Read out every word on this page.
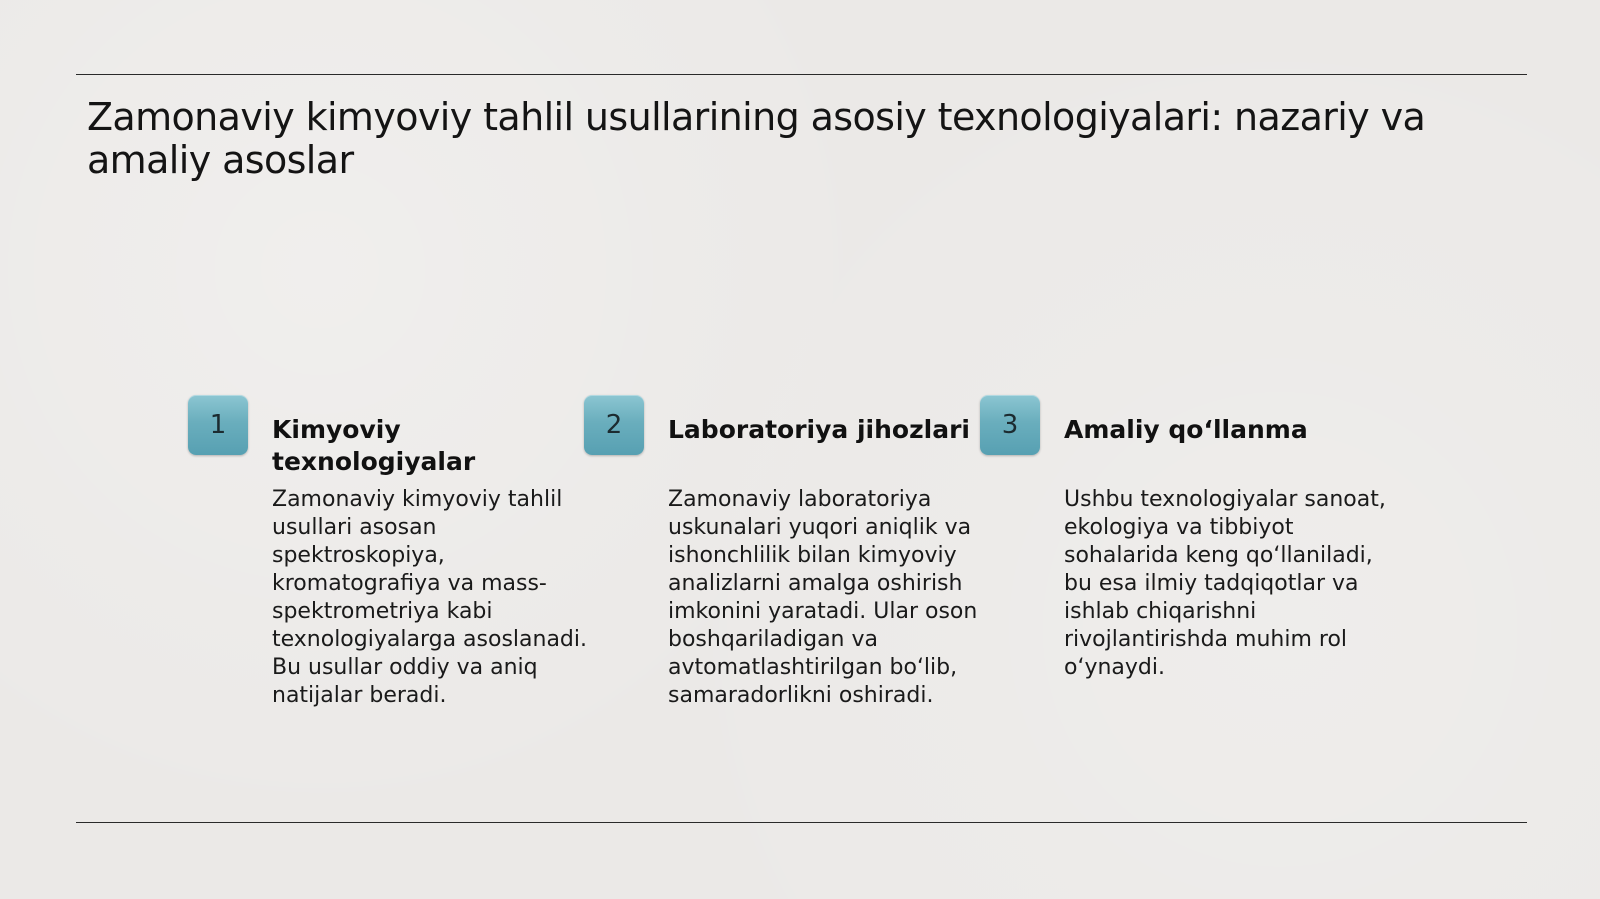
Zamonaviy kimyoviy tahlil usullarining asosiy texnologiyalari: nazariy va amaliy asoslar
1	Kimyoviy texnologiyalar

Zamonaviy kimyoviy tahlil usullari asosan spektroskopiya, kromatografiya va mass-spektrometriya kabi texnologiyalarga asoslanadi. Bu usullar oddiy va aniq natijalar beradi.

2	Laboratoriya jihozlari

Zamonaviy laboratoriya uskunalari yuqori aniqlik va ishonchlilik bilan kimyoviy analizlarni amalga oshirish imkonini yaratadi. Ular oson boshqariladigan va avtomatlashtirilgan bo‘lib, samaradorlikni oshiradi.

3	Amaliy qo‘llanma

Ushbu texnologiyalar sanoat, ekologiya va tibbiyot sohalarida keng qo‘llaniladi, bu esa ilmiy tadqiqotlar va ishlab chiqarishni rivojlantirishda muhim rol o‘ynaydi.
